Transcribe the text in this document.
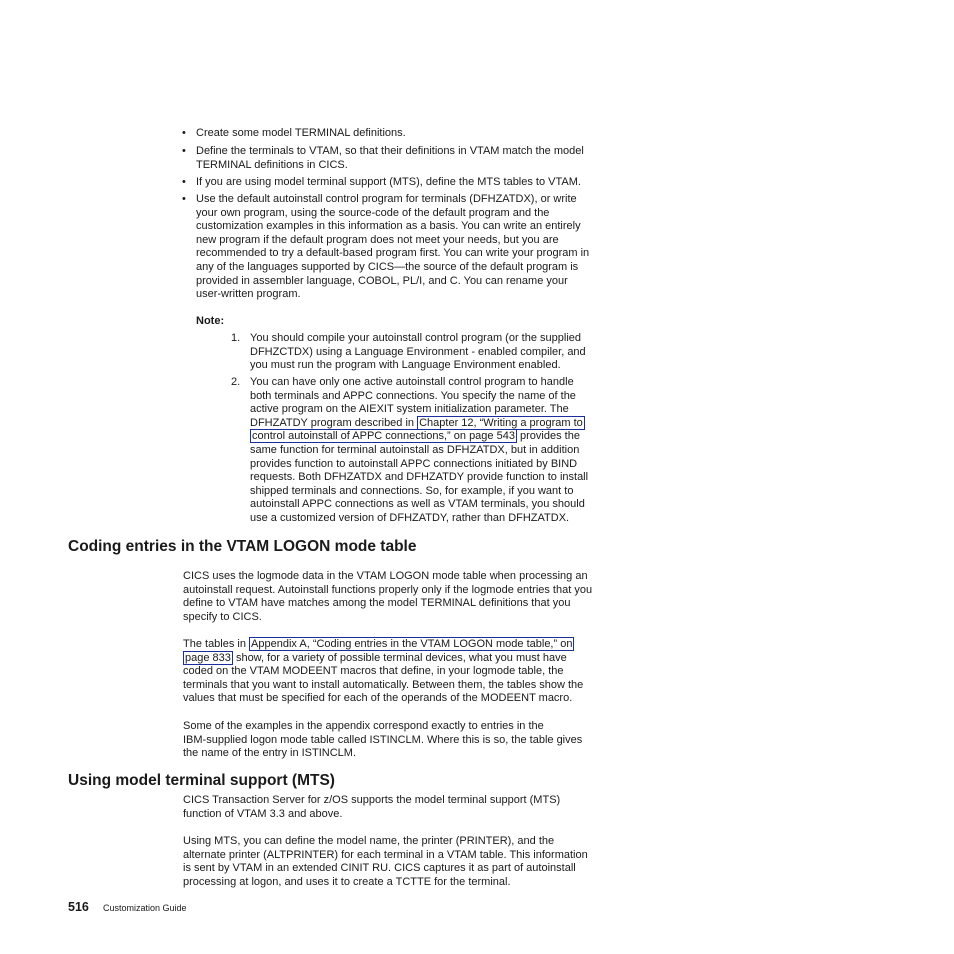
• Create some model TERMINAL definitions.
• Define the terminals to VTAM, so that their definitions in VTAM match the model
TERMINAL definitions in CICS.
• If you are using model terminal support (MTS), define the MTS tables to VTAM.
• Use the default autoinstall control program for terminals (DFHZATDX), or write
your own program, using the source-code of the default program and the
customization examples in this information as a basis. You can write an entirely
new program if the default program does not meet your needs, but you are
recommended to try a default-based program first. You can write your program in
any of the languages supported by CICS—the source of the default program is
provided in assembler language, COBOL, PL/I, and C. You can rename your
user-written program.
Note:
1. You should compile your autoinstall control program (or the supplied
DFHZCTDX) using a Language Environment - enabled compiler, and
you must run the program with Language Environment enabled.
2. You can have only one active autoinstall control program to handle
both terminals and APPC connections. You specify the name of the
active program on the AIEXIT system initialization parameter. The
DFHZATDY program described in Chapter 12, “Writing a program to
control autoinstall of APPC connections,” on page 543 provides the
same function for terminal autoinstall as DFHZATDX, but in addition
provides function to autoinstall APPC connections initiated by BIND
requests. Both DFHZATDX and DFHZATDY provide function to install
shipped terminals and connections. So, for example, if you want to
autoinstall APPC connections as well as VTAM terminals, you should
use a customized version of DFHZATDY, rather than DFHZATDX.
Coding entries in the VTAM LOGON mode table
CICS uses the logmode data in the VTAM LOGON mode table when processing an
autoinstall request. Autoinstall functions properly only if the logmode entries that you
define to VTAM have matches among the model TERMINAL definitions that you
specify to CICS.
The tables in Appendix A, “Coding entries in the VTAM LOGON mode table,” on
page 833 show, for a variety of possible terminal devices, what you must have
coded on the VTAM MODEENT macros that define, in your logmode table, the
terminals that you want to install automatically. Between them, the tables show the
values that must be specified for each of the operands of the MODEENT macro.
Some of the examples in the appendix correspond exactly to entries in the
IBM-supplied logon mode table called ISTINCLM. Where this is so, the table gives
the name of the entry in ISTINCLM.
Using model terminal support (MTS)
CICS Transaction Server for z/OS supports the model terminal support (MTS)
function of VTAM 3.3 and above.
Using MTS, you can define the model name, the printer (PRINTER), and the
alternate printer (ALTPRINTER) for each terminal in a VTAM table. This information
is sent by VTAM in an extended CINIT RU. CICS captures it as part of autoinstall
processing at logon, and uses it to create a TCTTE for the terminal.
516 Customization Guide
